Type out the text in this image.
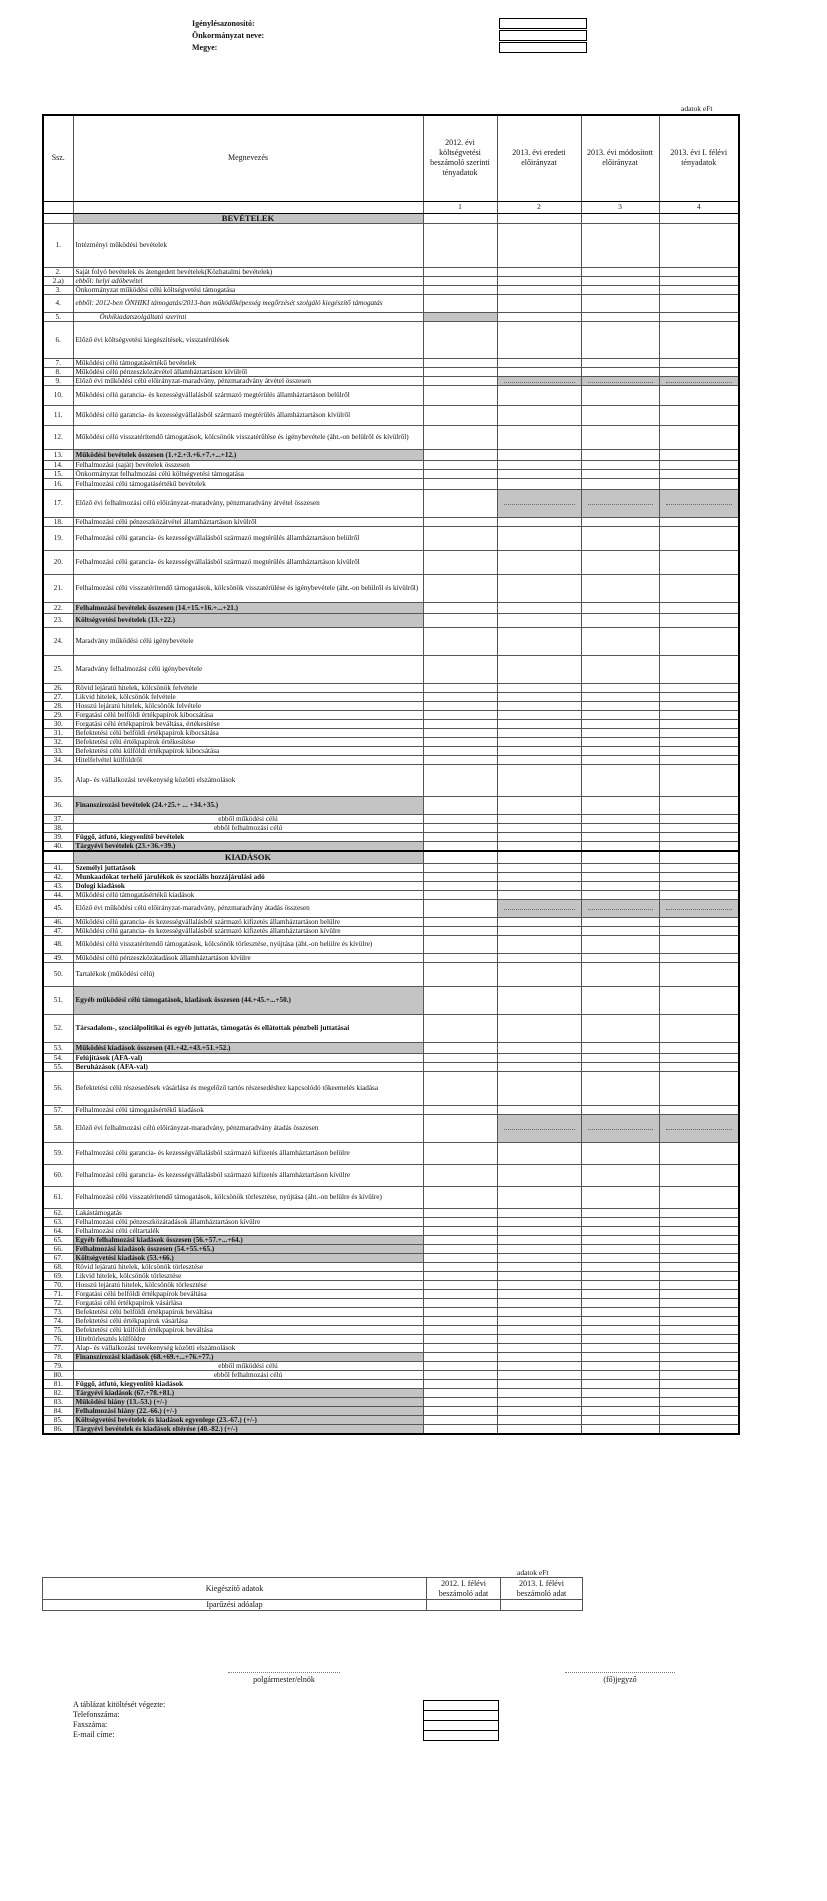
Igénylésazonosító:
Önkormányzat neve:
Megye:
adatok eFt
Ssz.	Megnevezés	2012. évi költségvetési beszámoló szerinti tényadatok	2013. évi eredeti előirányzat	2013. évi módosított előirányzat	2013. évi I. félévi tényadatok
		1	2	3	4
	BEVÉTELEK				
1.	Intézményi működési bevételek				
2.	Saját folyó bevételek és átengedett bevételek(Közhatalmi bevételek)				
2.a)	ebből: helyi adóbevétel				
3.	Önkormányzat működési célú költségvetési támogatása				
4.	ebből: 2012-ben ÖNHIKI támogatás/2013-ban működőképesség megőrzését szolgáló kiegészítő támogatás				
5.	Önhikiadatszolgáltató szerinti				
6.	Előző évi költségvetési kiegészítések, visszatérülések				
7.	Működési célú támogatásértékű bevételek				
8.	Működési célú pénzeszközátvétel államháztartáson kívülről				
9.	Előző évi működési célú előirányzat-maradvány, pénzmaradvány átvétel összesen		

10.	Működési célú garancia- és kezességvállalásból származó megtérülés államháztartáson belülről				
11.	Működési célú garancia- és kezességvállalásból származó megtérülés államháztartáson kívülről				
12.	Működési célú visszatérítendő támogatások, kölcsönök visszatérülése és igénybevétele (áht.-on belülről és kívülről)				
13.	Működési bevételek összesen (1.+2.+3.+6.+7.+...+12.)				
14.	Felhalmozási (saját) bevételek összesen				
15.	Önkormányzat felhalmozási célú költségvetési támogatása				
16.	Felhalmozási célú támogatásértékű bevételek				
17.	Előző évi felhalmozási célú előirányzat-maradvány, pénzmaradvány átvétel összesen		

18.	Felhalmozási célú pénzeszközátvétel államháztartáson kívülről				
19.	Felhalmozási célú garancia- és kezességvállalásból származó megtérülés államháztartáson belülről				
20.	Felhalmozási célú garancia- és kezességvállalásból származó megtérülés államháztartáson kívülről				
21.	Felhalmozási célú visszatérítendő támogatások, kölcsönök visszatérülése és igénybevétele (áht.-on belülről és kívülről)				
22.	Felhalmozási bevételek összesen (14.+15.+16.+...+21.)				
23.	Költségvetési bevételek (13.+22.)				
24.	Maradvány működési célú igénybevétele				
25.	Maradvány felhalmozási célú igénybevétele				
26.	Rövid lejáratú hitelek, kölcsönök felvétele				
27.	Likvid hitelek, kölcsönök felvétele				
28.	Hosszú lejáratú hitelek, kölcsönök felvétele				
29.	Forgatási célú belföldi értékpapírok kibocsátása				
30.	Forgatási célú értékpapírok beváltása, értékesítése				
31.	Befektetési célú belföldi értékpapírok kibocsátása				
32.	Befektetési célú értékpapírok értékesítése				
33.	Befektetési célú külföldi értékpapírok kibocsátása				
34.	Hitelfelvétel külföldről				
35.	Alap- és vállalkozási tevékenység közötti elszámolások				
36.	Finanszírozási bevételek (24.+25.+ ... +34.+35.)				
37.	ebből működési célú				
38.	ebből felhalmozási célú				
39.	Függő, átfutó, kiegyenlítő bevételek				
40.	Tárgyévi bevételek (23.+36.+39.)				
	KIADÁSOK				
41.	Személyi juttatások				
42.	Munkaadókat terhelő járulékok és szociális hozzájárulási adó				
43.	Dologi kiadások				
44.	Működési célú támogatásértékű kiadások				
45.	Előző évi működési célú előirányzat-maradvány, pénzmaradvány átadás összesen		

46.	Működési célú garancia- és kezességvállalásból származó kifizetés államháztartáson belülre				
47.	Működési célú garancia- és kezességvállalásból származó kifizetés államháztartáson kívülre				
48.	Működési célú visszatérítendő támogatások, kölcsönök törlesztése, nyújtása (áht.-on belülre és kívülre)				
49.	Működési célú pénzeszközátadások államháztartáson kívülre				
50.	Tartalékok (működési célú)				
51.	Egyéb működési célú támogatások, kiadások összesen (44.+45.+...+50.)				
52.	Társadalom-, szociálpolitikai és egyéb juttatás, támogatás és ellátottak pénzbeli juttatásai				
53.	Működési kiadások összesen (41.+42.+43.+51.+52.)				
54.	Felújítások (ÁFA-val)				
55.	Beruházások (ÁFA-val)				
56.	Befektetési célú részesedések vásárlása és megelőző tartós részesedéshez kapcsolódó tőkeemelés kiadása				
57.	Felhalmozási célú támogatásértékű kiadások				
58.	Előző évi felhalmozási célú előirányzat-maradvány, pénzmaradvány átadás összesen		

59.	Felhalmozási célú garancia- és kezességvállalásból származó kifizetés államháztartáson belülre				
60.	Felhalmozási célú garancia- és kezességvállalásból származó kifizetés államháztartáson kívülre				
61.	Felhalmozási célú visszatérítendő támogatások, kölcsönök törlesztése, nyújtása (áht.-on belülre és kívülre)				
62.	Lakástámogatás				
63.	Felhalmozási célú pénzeszközátadások államháztartáson kívülre				
64.	Felhalmozási célú céltartalék				
65.	Egyéb felhalmozási kiadások összesen (56.+57.+...+64.)				
66.	Felhalmozási kiadások összesen (54.+55.+65.)				
67.	Költségvetési kiadások (53.+66.)				
68.	Rövid lejáratú hitelek, kölcsönök törlesztése				
69.	Likvid hitelek, kölcsönök törlesztése				
70.	Hosszú lejáratú hitelek, kölcsönök törlesztése				
71.	Forgatási célú belföldi értékpapírok beváltása				
72.	Forgatási célú értékpapírok vásárlása				
73.	Befektetési célú belföldi értékpapírok beváltása				
74.	Befektetési célú értékpapírok vásárlása				
75.	Befektetési célú külföldi értékpapírok beváltása				
76.	Hiteltörlesztés külföldre				
77.	Alap- és vállalkozási tevékenység közötti elszámolások				
78.	Finanszírozási kiadások (68.+69.+...+76.+77.)				
79.	ebből működési célú				
80.	ebből felhalmozási célú				
81.	Függő, átfutó, kiegyenlítő kiadások				
82.	Tárgyévi kiadások (67.+78.+81.)				
83.	Működési hiány (13.-53.) (+/-)				
84.	Felhalmozási hiány (22.-66.) (+/-)				
85.	Költségvetési bevételek és kiadások egyenlege (23.-67.) (+/-)				
86.	Tárgyévi bevételek és kiadások eltérése (40.-82.) (+/-)				
adatok eFt
Kiegészítő adatok	2012. I. félévi beszámoló adat	2013. I. félévi beszámoló adat
Iparűzési adóalap		
polgármester/elnök	(fő)jegyző
A táblázat kitöltését végezte:
Telefonszáma:
Faxszáma:
E-mail címe:
